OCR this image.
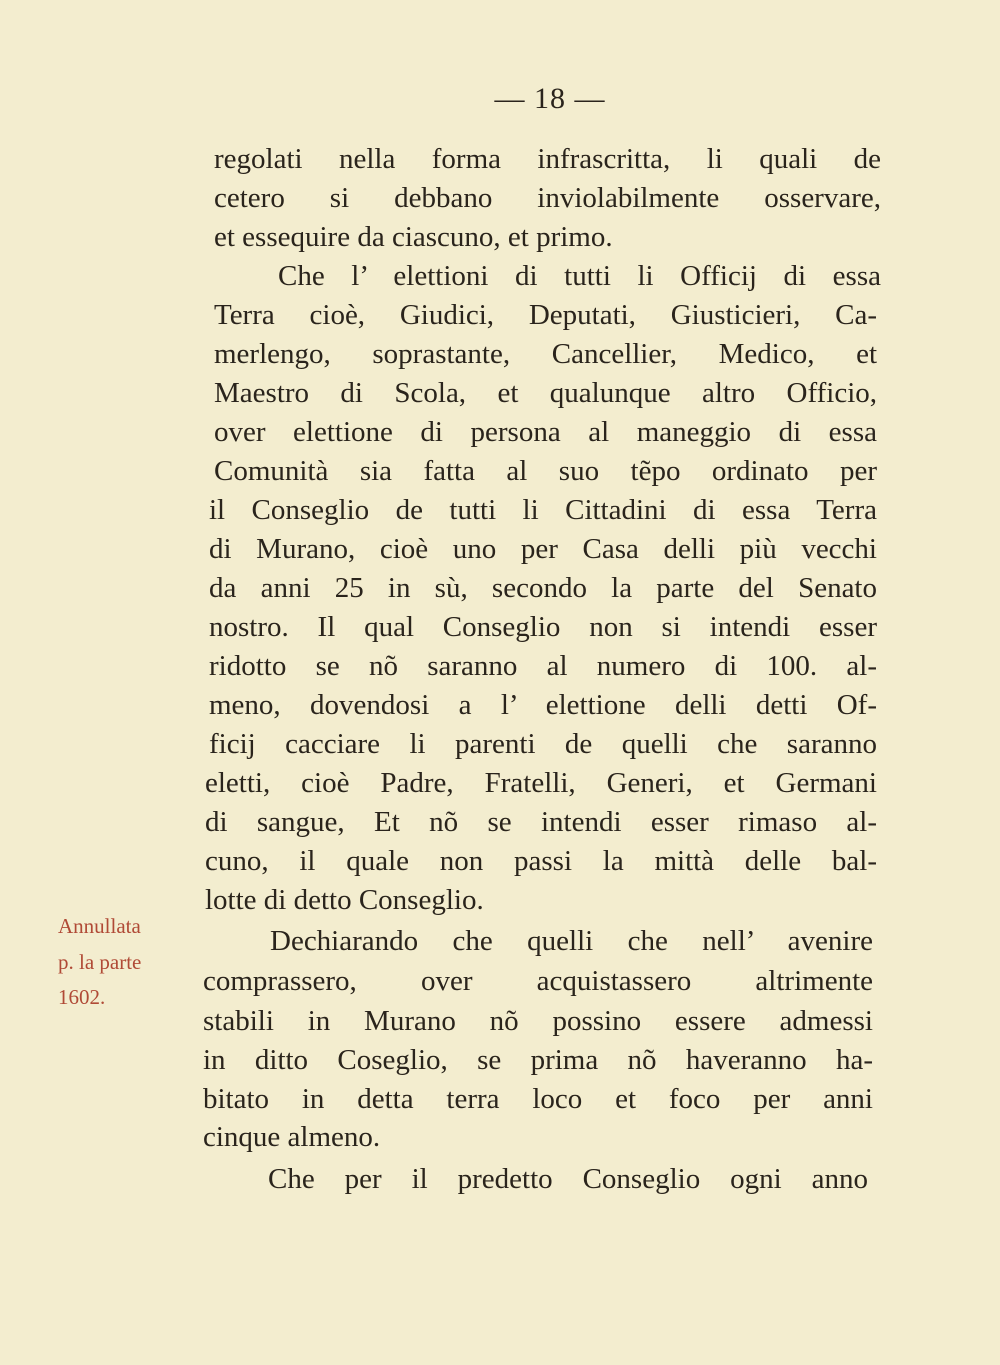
— 18 —
Annullata
p. la parte
1602.
regolati nella forma infrascritta, li quali de
cetero si debbano inviolabilmente osservare,
et essequire da ciascuno, et primo.
Che l’ elettioni di tutti li Officij di essa
Terra cioè, Giudici, Deputati, Giusticieri, Ca-
merlengo, soprastante, Cancellier, Medico, et
Maestro di Scola, et qualunque altro Officio,
over elettione di persona al maneggio di essa
Comunità sia fatta al suo tẽpo ordinato per
il Conseglio de tutti li Cittadini di essa Terra
di Murano, cioè uno per Casa delli più vecchi
da anni 25 in sù, secondo la parte del Senato
nostro. Il qual Conseglio non si intendi esser
ridotto se nõ saranno al numero di 100. al-
meno, dovendosi a l’ elettione delli detti Of-
ficij cacciare li parenti de quelli che saranno
eletti, cioè Padre, Fratelli, Generi, et Germani
di sangue, Et nõ se intendi esser rimaso al-
cuno, il quale non passi la mittà delle bal-
lotte di detto Conseglio.
Dechiarando che quelli che nell’ avenire
comprassero, over acquistassero altrimente
stabili in Murano nõ possino essere admessi
in ditto Coseglio, se prima nõ haveranno ha-
bitato in detta terra loco et foco per anni
cinque almeno.
Che per il predetto Conseglio ogni anno
